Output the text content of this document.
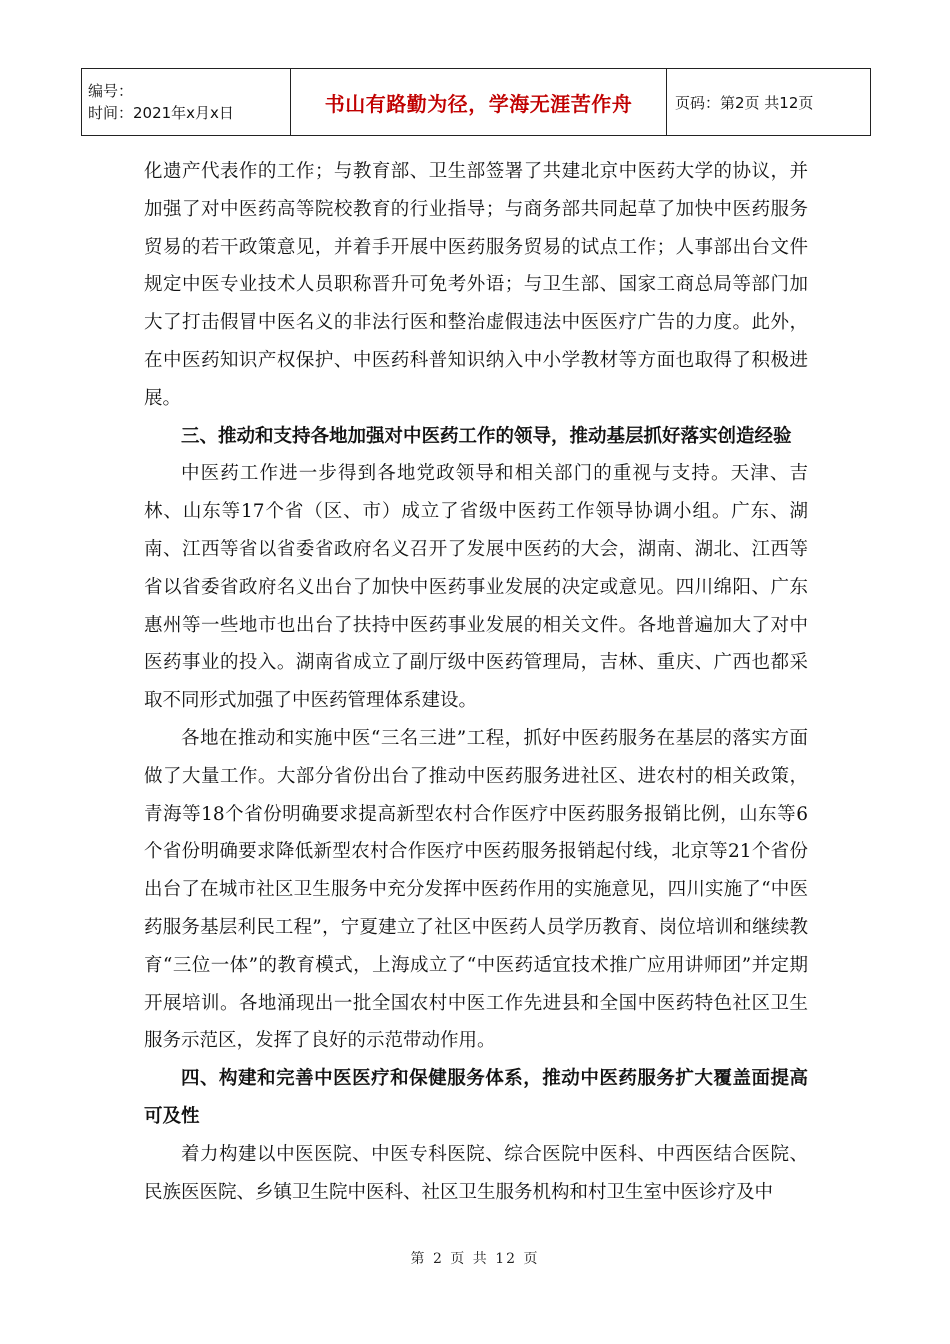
编号：
时间：2021年x月x日	书山有路勤为径，学海无涯苦作舟	页码：第2页 共12页

化遗产代表作的工作；与教育部、卫生部签署了共建北京中医药大学的协议，并加强了对中医药高等院校教育的行业指导；与商务部共同起草了加快中医药服务贸易的若干政策意见，并着手开展中医药服务贸易的试点工作；人事部出台文件规定中医专业技术人员职称晋升可免考外语；与卫生部、国家工商总局等部门加大了打击假冒中医名义的非法行医和整治虚假违法中医医疗广告的力度。此外，在中医药知识产权保护、中医药科普知识纳入中小学教材等方面也取得了积极进展。

三、推动和支持各地加强对中医药工作的领导，推动基层抓好落实创造经验

中医药工作进一步得到各地党政领导和相关部门的重视与支持。天津、吉林、山东等17个省（区、市）成立了省级中医药工作领导协调小组。广东、湖南、江西等省以省委省政府名义召开了发展中医药的大会，湖南、湖北、江西等省以省委省政府名义出台了加快中医药事业发展的决定或意见。四川绵阳、广东惠州等一些地市也出台了扶持中医药事业发展的相关文件。各地普遍加大了对中医药事业的投入。湖南省成立了副厅级中医药管理局，吉林、重庆、广西也都采取不同形式加强了中医药管理体系建设。

各地在推动和实施中医“三名三进”工程，抓好中医药服务在基层的落实方面做了大量工作。大部分省份出台了推动中医药服务进社区、进农村的相关政策，青海等18个省份明确要求提高新型农村合作医疗中医药服务报销比例，山东等6个省份明确要求降低新型农村合作医疗中医药服务报销起付线，北京等21个省份出台了在城市社区卫生服务中充分发挥中医药作用的实施意见，四川实施了“中医药服务基层利民工程”，宁夏建立了社区中医药人员学历教育、岗位培训和继续教育“三位一体”的教育模式，上海成立了“中医药适宜技术推广应用讲师团”并定期开展培训。各地涌现出一批全国农村中医工作先进县和全国中医药特色社区卫生服务示范区，发挥了良好的示范带动作用。

四、构建和完善中医医疗和保健服务体系，推动中医药服务扩大覆盖面提高可及性

着力构建以中医医院、中医专科医院、综合医院中医科、中西医结合医院、民族医医院、乡镇卫生院中医科、社区卫生服务机构和村卫生室中医诊疗及中

第 2 页 共 12 页
